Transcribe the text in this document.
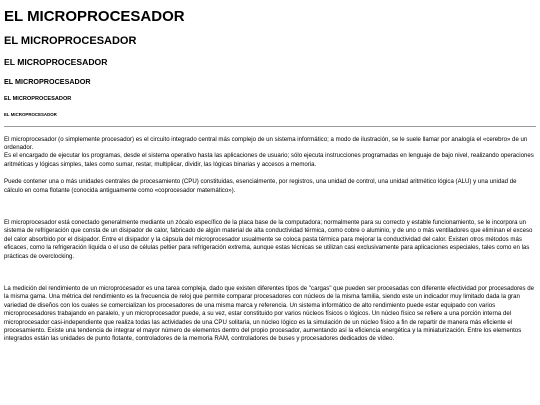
EL MICROPROCESADOR
EL MICROPROCESADOR
EL MICROPROCESADOR
EL MICROPROCESADOR
EL MICROPROCESADOR
EL MICROPROCESADOR

El microprocesador (o simplemente procesador) es el circuito integrado central más complejo de un sistema informático; a modo de ilustración, se le suele llamar por analogía el «cerebro» de un ordenador.

Es el encargado de ejecutar los programas, desde el sistema operativo hasta las aplicaciones de usuario; sólo ejecuta instrucciones programadas en lenguaje de bajo nivel, realizando operaciones aritméticas y lógicas simples, tales como sumar, restar, multiplicar, dividir, las lógicas binarias y accesos a memoria.

Puede contener una o más unidades centrales de procesamiento (CPU) constituidas, esencialmente, por registros, una unidad de control, una unidad aritmético lógica (ALU) y una unidad de cálculo en coma flotante (conocida antiguamente como «coprocesador matemático»).

El microprocesador está conectado generalmente mediante un zócalo específico de la placa base de la computadora; normalmente para su correcto y estable funcionamiento, se le incorpora un sistema de refrigeración que consta de un disipador de calor, fabricado de algún material de alta conductividad térmica, como cobre o aluminio, y de uno o más ventiladores que eliminan el exceso del calor absorbido por el disipador. Entre el disipador y la cápsula del microprocesador usualmente se coloca pasta térmica para mejorar la conductividad del calor. Existen otros métodos más eficaces, como la refrigeración líquida o el uso de células peltier para refrigeración extrema, aunque estas técnicas se utilizan casi exclusivamente para aplicaciones especiales, tales como en las prácticas de overclocking.

La medición del rendimiento de un microprocesador es una tarea compleja, dado que existen diferentes tipos de "cargas" que pueden ser procesadas con diferente efectividad por procesadores de la misma gama. Una métrica del rendimiento es la frecuencia de reloj que permite comparar procesadores con núcleos de la misma familia, siendo este un indicador muy limitado dada la gran variedad de diseños con los cuales se comercializan los procesadores de una misma marca y referencia. Un sistema informático de alto rendimiento puede estar equipado con varios microprocesadores trabajando en paralelo, y un microprocesador puede, a su vez, estar constituido por varios núcleos físicos o lógicos. Un núcleo físico se refiere a una porción interna del microprocesador casi-independiente que realiza todas las actividades de una CPU solitaria, un núcleo lógico es la simulación de un núcleo físico a fin de repartir de manera más eficiente el procesamiento. Existe una tendencia de integrar el mayor número de elementos dentro del propio procesador, aumentando así la eficiencia energética y la miniaturización. Entre los elementos integrados están las unidades de punto flotante, controladores de la memoria RAM, controladores de buses y procesadores dedicados de vídeo.
